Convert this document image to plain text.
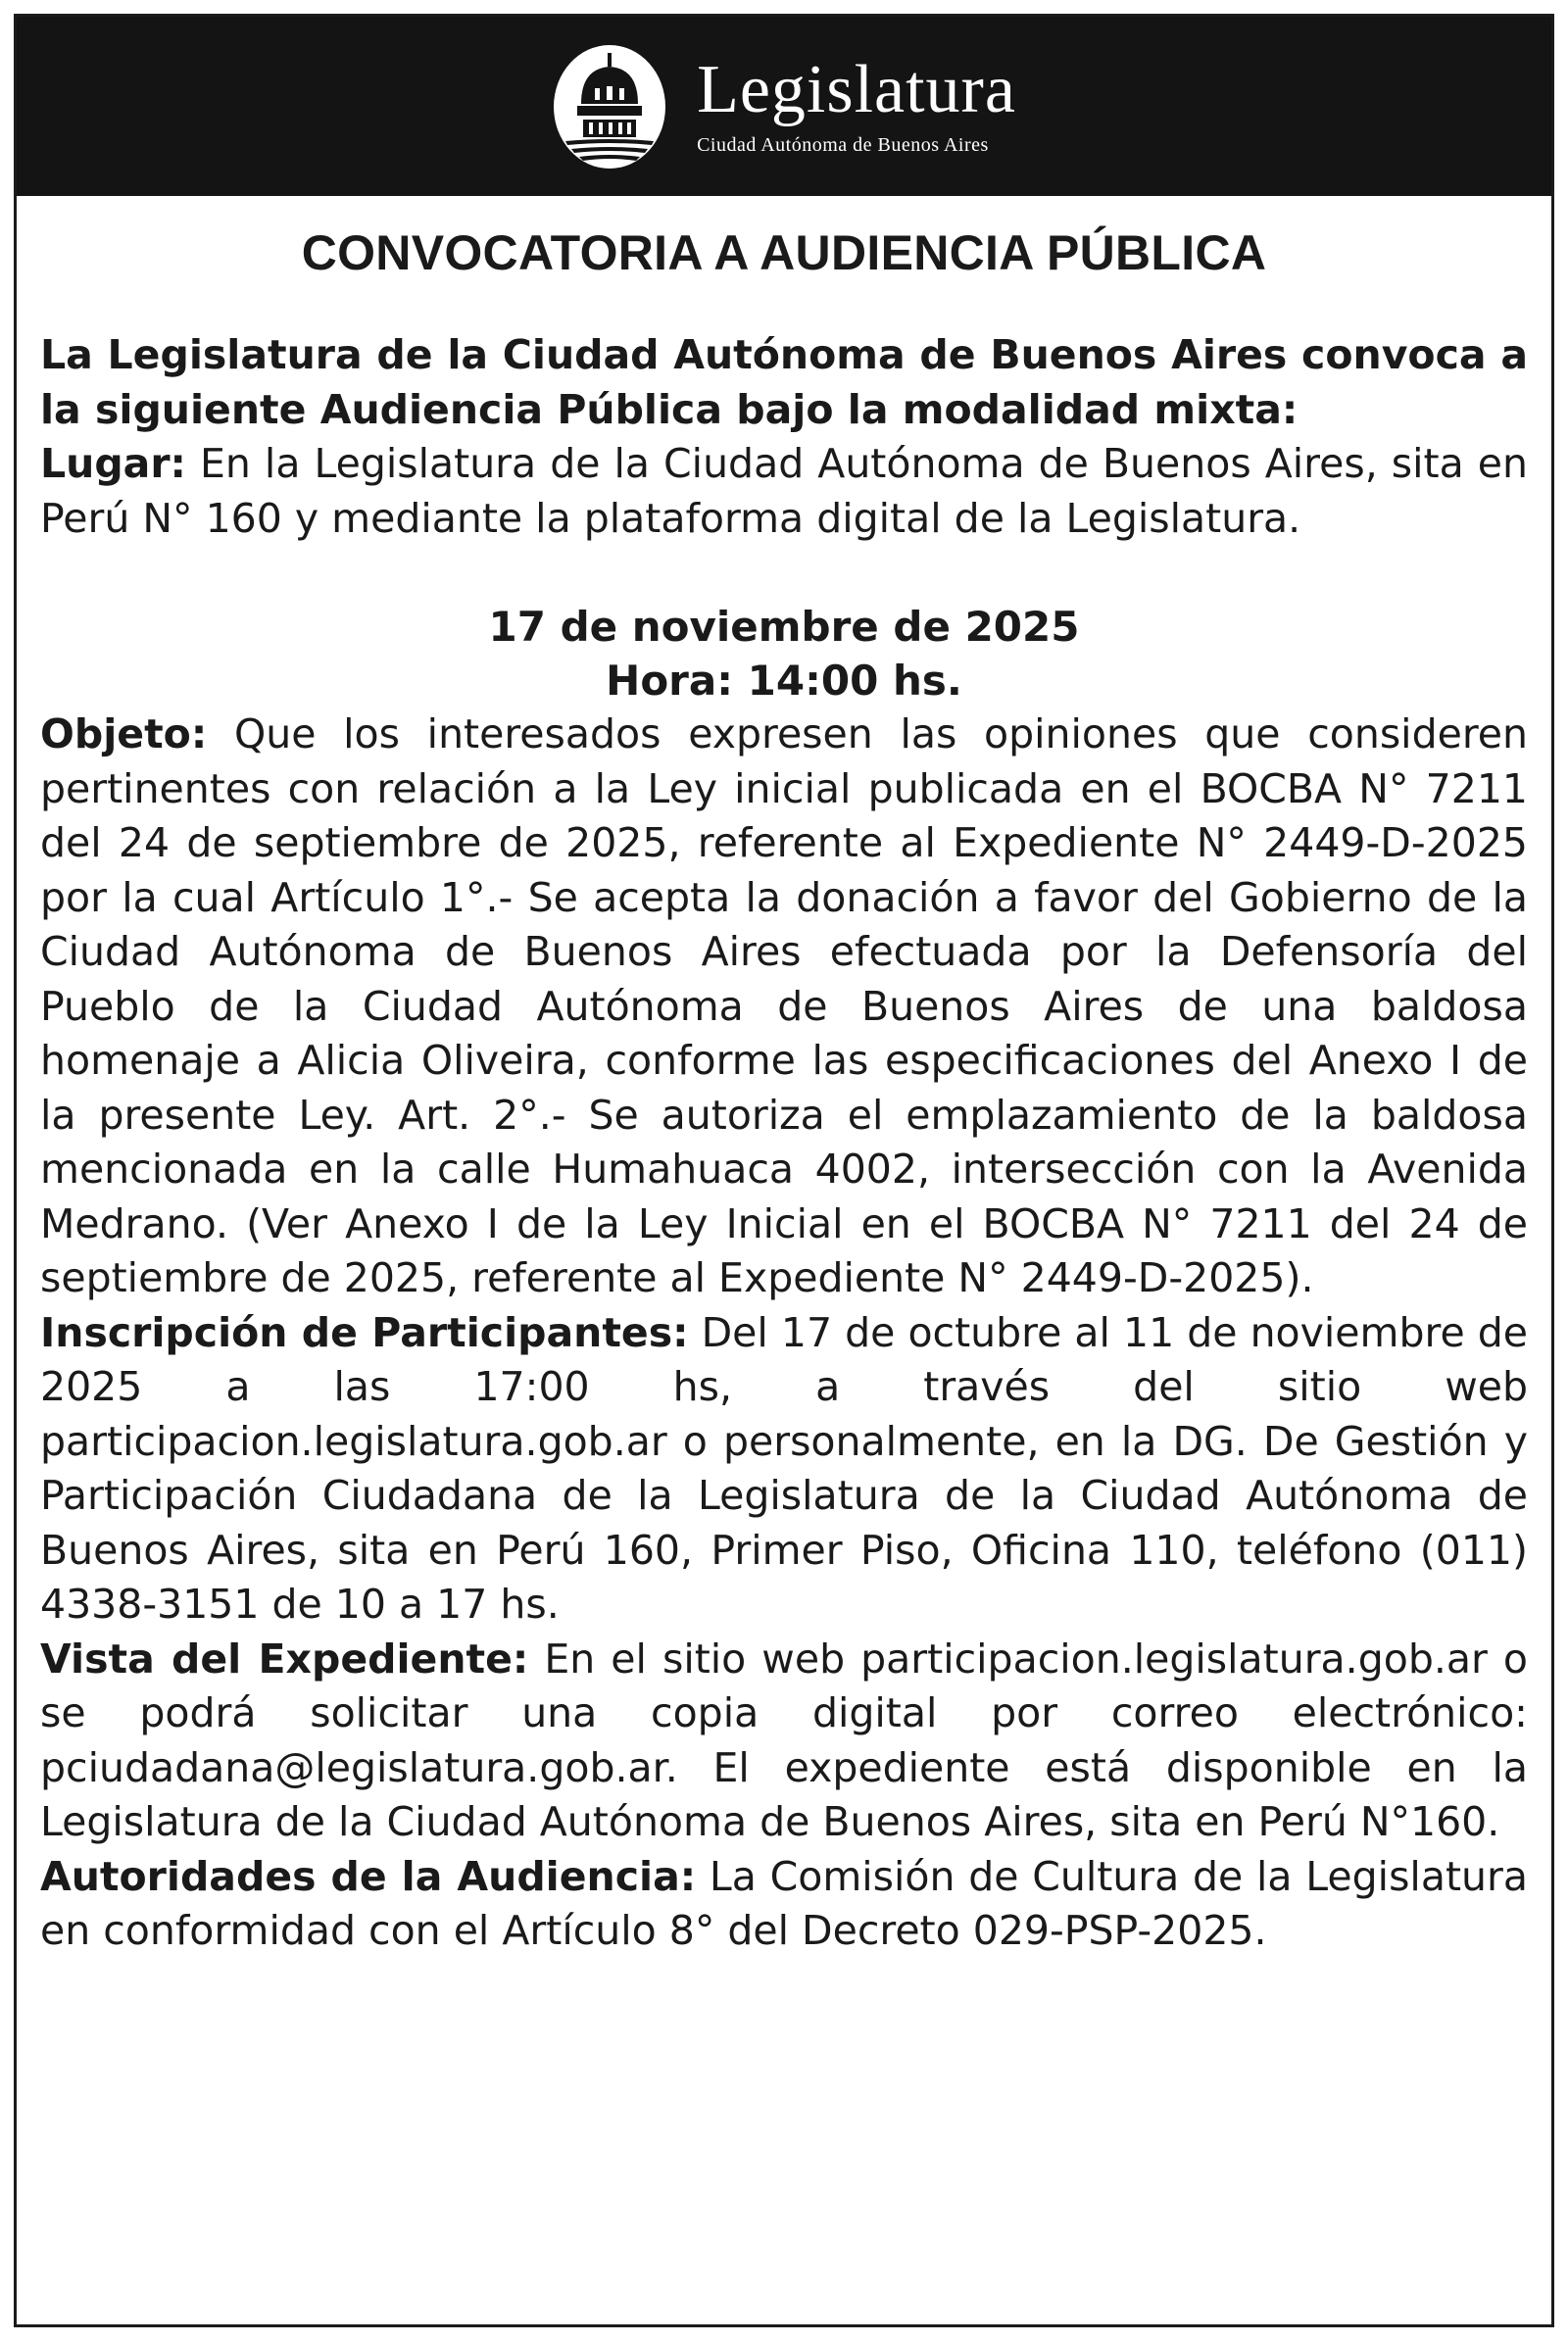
Legislatura
Ciudad Autónoma de Buenos Aires
CONVOCATORIA A AUDIENCIA PÚBLICA

La Legislatura de la Ciudad Autónoma de Buenos Aires convoca a la siguiente Audiencia Pública bajo la modalidad mixta:

Lugar: En la Legislatura de la Ciudad Autónoma de Buenos Aires, sita en Perú N° 160 y mediante la plataforma digital de la Legislatura.

17 de noviembre de 2025

Hora: 14:00 hs.

Objeto: Que los interesados expresen las opiniones que consideren pertinentes con relación a la Ley inicial publicada en el BOCBA N° 7211 del 24 de septiembre de 2025, referente al Expediente N° 2449-D-2025 por la cual Artículo 1°.- Se acepta la donación a favor del Gobierno de la Ciudad Autónoma de Buenos Aires efectuada por la Defensoría del Pueblo de la Ciudad Autónoma de Buenos Aires de una baldosa homenaje a Alicia Oliveira, conforme las especificaciones del Anexo I de la presente Ley. Art. 2°.- Se autoriza el emplazamiento de la baldosa mencionada en la calle Humahuaca 4002, intersección con la Avenida Medrano. (Ver Anexo I de la Ley Inicial en el BOCBA N° 7211 del 24 de septiembre de 2025, referente al Expediente N° 2449-D-2025).

Inscripción de Participantes: Del 17 de octubre al 11 de noviembre de 2025 a las 17:00 hs, a través del sitio web participacion.legislatura.gob.ar o personalmente, en la DG. De Gestión y Participación Ciudadana de la Legislatura de la Ciudad Autónoma de Buenos Aires, sita en Perú 160, Primer Piso, Oficina 110, teléfono (011) 4338-3151 de 10 a 17 hs.

Vista del Expediente: En el sitio web participacion.legislatura.gob.ar o se podrá solicitar una copia digital por correo electrónico: pciudadana@legislatura.gob.ar. El expediente está disponible en la Legislatura de la Ciudad Autónoma de Buenos Aires, sita en Perú N°160.

Autoridades de la Audiencia: La Comisión de Cultura de la Legislatura en conformidad con el Artículo 8° del Decreto 029-PSP-2025.
